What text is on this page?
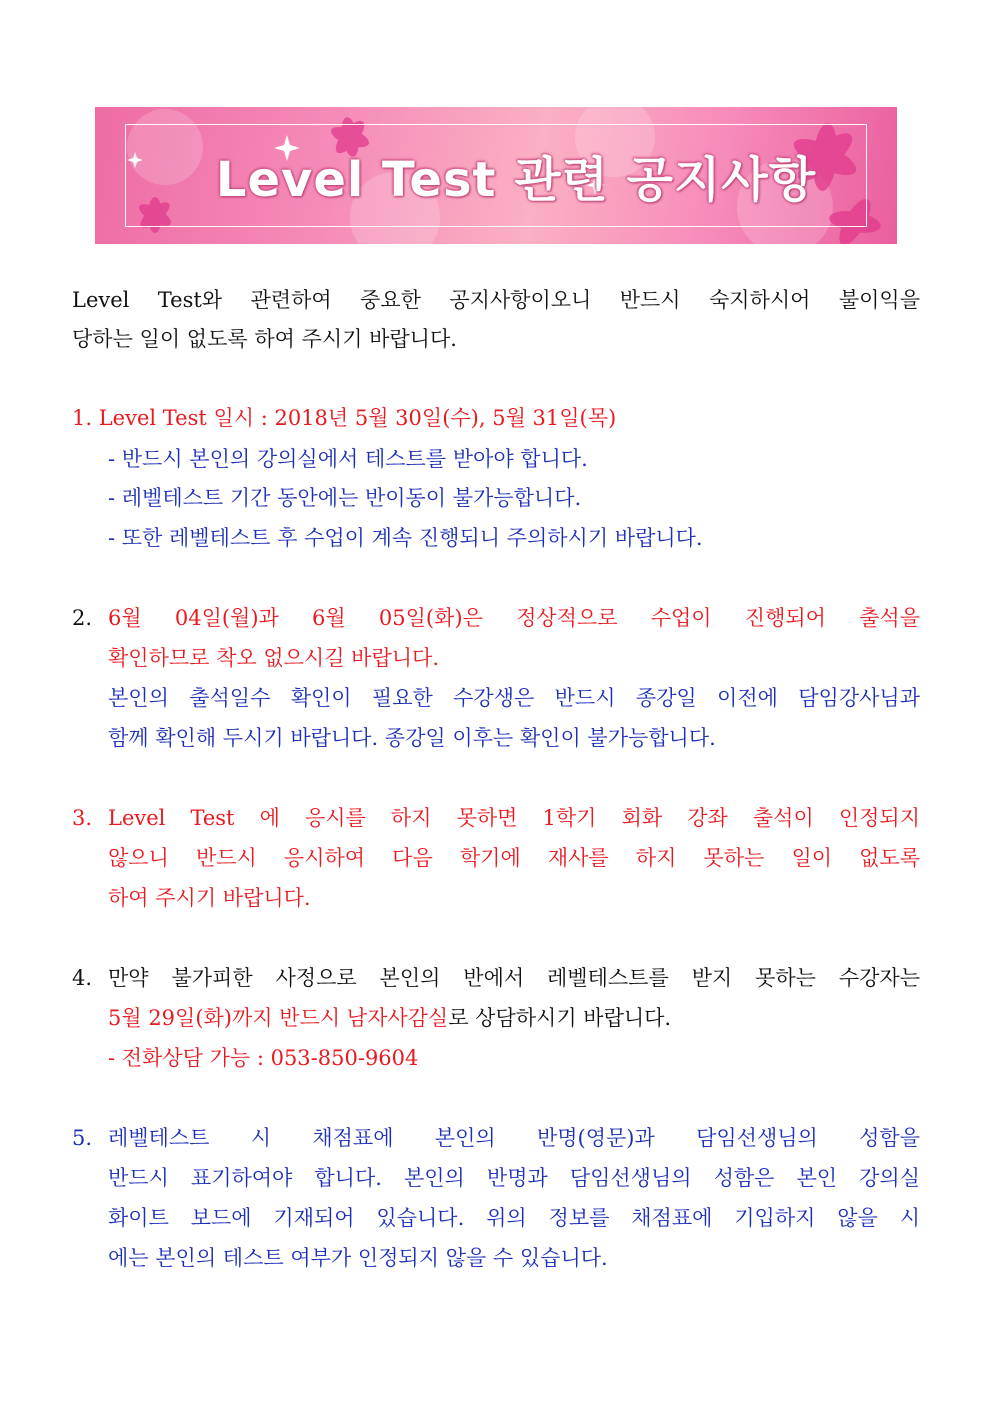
Level Test 관련 공지사항
Level Test와 관련하여 중요한 공지사항이오니 반드시 숙지하시어 불이익을
당하는 일이 없도록 하여 주시기 바랍니다.
1. Level Test 일시 : 2018년 5월 30일(수), 5월 31일(목)
- 반드시 본인의 강의실에서 테스트를 받아야 합니다.
- 레벨테스트 기간 동안에는 반이동이 불가능합니다.
- 또한 레벨테스트 후 수업이 계속 진행되니 주의하시기 바랍니다.
2. 6월 04일(월)과 6월 05일(화)은 정상적으로 수업이 진행되어 출석을
확인하므로 착오 없으시길 바랍니다.
본인의 출석일수 확인이 필요한 수강생은 반드시 종강일 이전에 담임강사님과
함께 확인해 두시기 바랍니다. 종강일 이후는 확인이 불가능합니다.
3. Level Test 에 응시를 하지 못하면 1학기 회화 강좌 출석이 인정되지
않으니 반드시 응시하여 다음 학기에 재사를 하지 못하는 일이 없도록
하여 주시기 바랍니다.
4. 만약 불가피한 사정으로 본인의 반에서 레벨테스트를 받지 못하는 수강자는
5월 29일(화)까지 반드시 남자사감실로 상담하시기 바랍니다.
- 전화상담 가능 : 053-850-9604
5. 레벨테스트 시 채점표에 본인의 반명(영문)과 담임선생님의 성함을
반드시 표기하여야 합니다. 본인의 반명과 담임선생님의 성함은 본인 강의실
화이트 보드에 기재되어 있습니다. 위의 정보를 채점표에 기입하지 않을 시
에는 본인의 테스트 여부가 인정되지 않을 수 있습니다.
